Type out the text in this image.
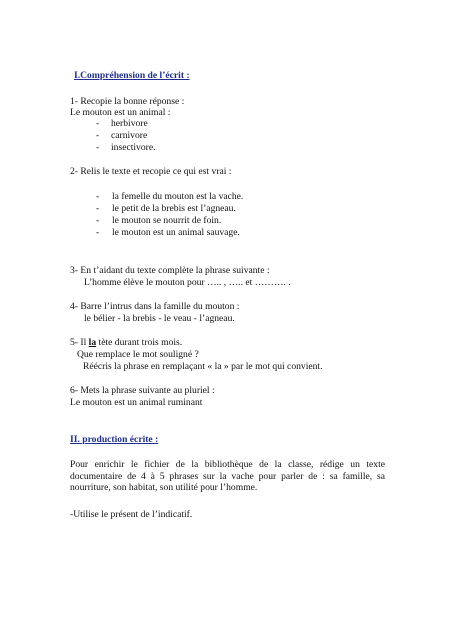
I.Compréhension de l’écrit :
1- Recopie la bonne réponse :
Le mouton est un animal :
- herbivore
- carnivore
- insectivore.
2- Relis le texte et recopie ce qui est vrai :
- la femelle du mouton est la vache.
- le petit de la brebis est l’agneau.
- le mouton se nourrit de foin.
- le mouton est un animal sauvage.
3- En t’aidant du texte complète la phrase suivante :
L’homme élève le mouton pour ….. , ….. et ………. .
4- Barre l’intrus dans la famille du mouton :
le bélier - la brebis - le veau - l’agneau.
5- Il la tète durant trois mois.
Que remplace le mot souligné ?
Réécris la phrase en remplaçant « la » par le mot qui convient.
6- Mets la phrase suivante au pluriel :
Le mouton est un animal ruminant
II. production écrite :
Pour enrichir le fichier de la bibliothèque de la classe, rédige un texte documentaire de 4 à 5 phrases sur la vache pour parler de : sa famille, sa nourriture, son habitat, son utilité pour l’homme.
-Utilise le présent de l’indicatif.
